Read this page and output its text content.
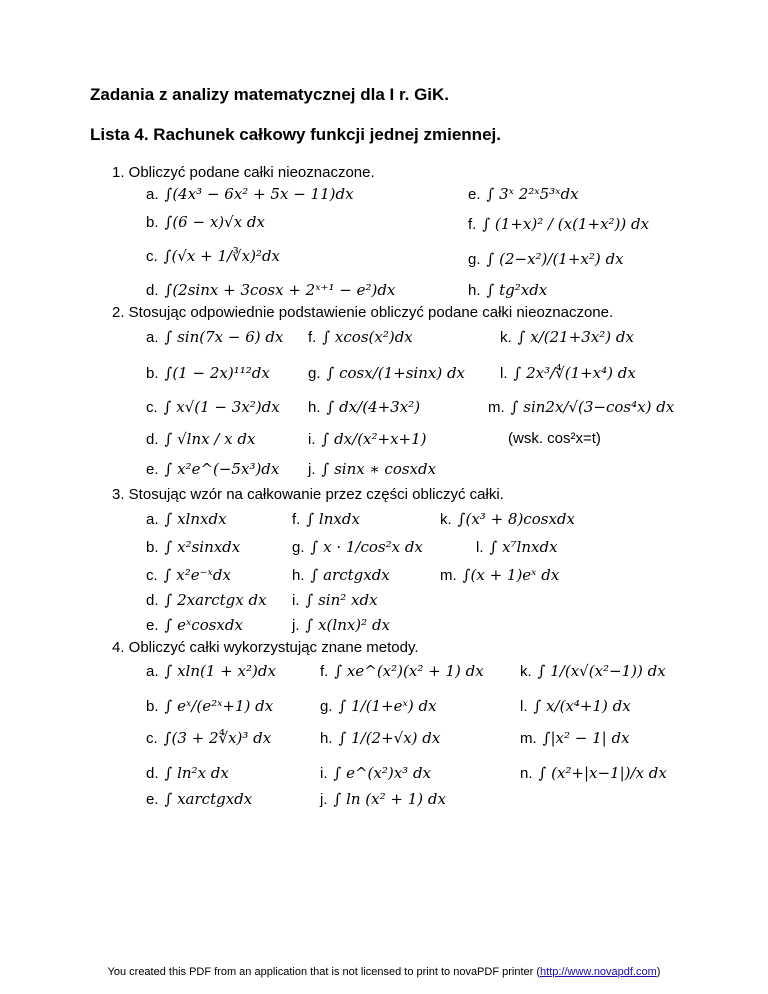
Zadania z analizy matematycznej dla I r. GiK.
Lista 4. Rachunek całkowy funkcji jednej zmiennej.
1. Obliczyć podane całki nieoznaczone.
a. ∫(4x³ − 6x² + 5x − 11)dx
b. ∫(6 − x)√x dx
c. ∫(√x + 1/∛x)²dx
d. ∫(2sinx + 3cosx + 2ˣ⁺¹ − e²)dx
e. ∫ 3ˣ 2²ˣ5³ˣdx
f. ∫ (1+x)² / (x(1+x²)) dx
g. ∫ (2−x²)/(1+x²) dx
h. ∫ tg²xdx
2. Stosując odpowiednie podstawienie obliczyć podane całki nieoznaczone.
a. ∫ sin(7x − 6) dx
b. ∫(1 − 2x)¹¹²dx
c. ∫ x√(1 − 3x²)dx
d. ∫ √lnx / x dx
e. ∫ x²e^(−5x³)dx
f. ∫ xcos(x²)dx
g. ∫ cosx/(1+sinx) dx
h. ∫ dx/(4+3x²)
i. ∫ dx/(x²+x+1)
j. ∫ sinx ∗ cosxdx
k. ∫ x/(21+3x²) dx
l. ∫ 2x³/∜(1+x⁴) dx
m. ∫ sin2x/√(3−cos⁴x) dx
(wsk. cos²x=t)
3. Stosując wzór na całkowanie przez części obliczyć całki.
a. ∫ xlnxdx
b. ∫ x²sinxdx
c. ∫ x²e⁻ˣdx
d. ∫ 2xarctgx dx
e. ∫ eˣcosxdx
f. ∫ lnxdx
g. ∫ x · 1/cos²x dx
h. ∫ arctgxdx
i. ∫ sin² xdx
j. ∫ x(lnx)² dx
k. ∫(x³ + 8)cosxdx
l. ∫ x⁷lnxdx
m. ∫(x + 1)eˣ dx
4. Obliczyć całki wykorzystując znane metody.
a. ∫ xln(1 + x²)dx
b. ∫ eˣ/(e²ˣ+1) dx
c. ∫(3 + 2∜x)³ dx
d. ∫ ln²x dx
e. ∫ xarctgxdx
f. ∫ xe^(x²)(x² + 1) dx
g. ∫ 1/(1+eˣ) dx
h. ∫ 1/(2+√x) dx
i. ∫ e^(x²)x³ dx
j. ∫ ln (x² + 1) dx
k. ∫ 1/(x√(x²−1)) dx
l. ∫ x/(x⁴+1) dx
m. ∫|x² − 1| dx
n. ∫ (x²+|x−1|)/x dx
You created this PDF from an application that is not licensed to print to novaPDF printer (http://www.novapdf.com)
